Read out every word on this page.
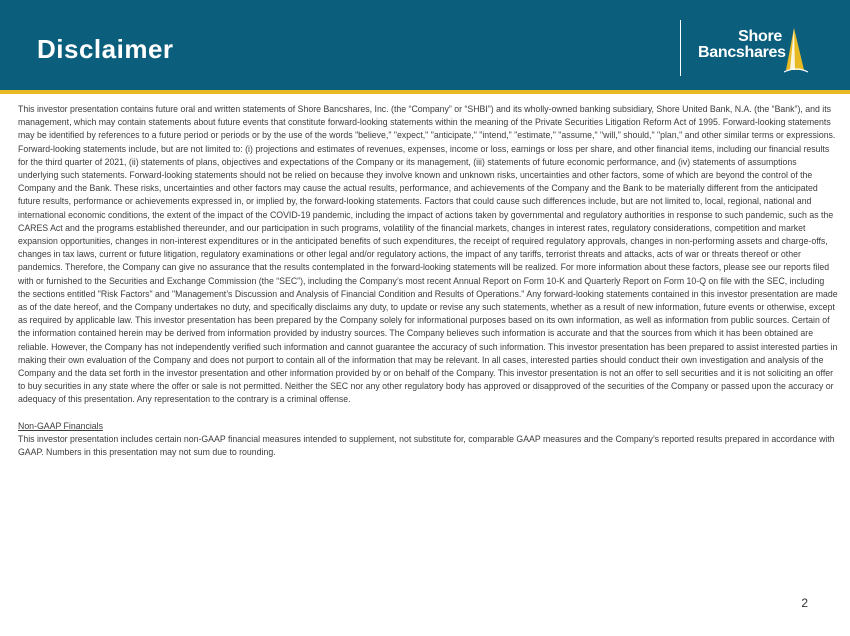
Disclaimer	Shore
Bancshares

This investor presentation contains future oral and written statements of Shore Bancshares, Inc. (the “Company” or “SHBI”) and its wholly-owned banking subsidiary, Shore United Bank, N.A. (the “Bank”), and its management, which may contain statements about future events that constitute forward-looking statements within the meaning of the Private Securities Litigation Reform Act of 1995. Forward-looking statements may be identified by references to a future period or periods or by the use of the words "believe," "expect," "anticipate," "intend," "estimate," "assume," "will," should," "plan," and other similar terms or expressions. Forward-looking statements include, but are not limited to: (i) projections and estimates of revenues, expenses, income or loss, earnings or loss per share, and other financial items, including our financial results for the third quarter of 2021, (ii) statements of plans, objectives and expectations of the Company or its management, (iii) statements of future economic performance, and (iv) statements of assumptions underlying such statements. Forward-looking statements should not be relied on because they involve known and unknown risks, uncertainties and other factors, some of which are beyond the control of the Company and the Bank. These risks, uncertainties and other factors may cause the actual results, performance, and achievements of the Company and the Bank to be materially different from the anticipated future results, performance or achievements expressed in, or implied by, the forward-looking statements. Factors that could cause such differences include, but are not limited to, local, regional, national and international economic conditions, the extent of the impact of the COVID-19 pandemic, including the impact of actions taken by governmental and regulatory authorities in response to such pandemic, such as the CARES Act and the programs established thereunder, and our participation in such programs, volatility of the financial markets, changes in interest rates, regulatory considerations, competition and market expansion opportunities, changes in non-interest expenditures or in the anticipated benefits of such expenditures, the receipt of required regulatory approvals, changes in non-performing assets and charge-offs, changes in tax laws, current or future litigation, regulatory examinations or other legal and/or regulatory actions, the impact of any tariffs, terrorist threats and attacks, acts of war or threats thereof or other pandemics. Therefore, the Company can give no assurance that the results contemplated in the forward-looking statements will be realized. For more information about these factors, please see our reports filed with or furnished to the Securities and Exchange Commission (the “SEC”), including the Company’s most recent Annual Report on Form 10-K and Quarterly Report on Form 10-Q on file with the SEC, including the sections entitled "Risk Factors" and "Management’s Discussion and Analysis of Financial Condition and Results of Operations." Any forward-looking statements contained in this investor presentation are made as of the date hereof, and the Company undertakes no duty, and specifically disclaims any duty, to update or revise any such statements, whether as a result of new information, future events or otherwise, except as required by applicable law. This investor presentation has been prepared by the Company solely for informational purposes based on its own information, as well as information from public sources. Certain of the information contained herein may be derived from information provided by industry sources. The Company believes such information is accurate and that the sources from which it has been obtained are reliable. However, the Company has not independently verified such information and cannot guarantee the accuracy of such information. This investor presentation has been prepared to assist interested parties in making their own evaluation of the Company and does not purport to contain all of the information that may be relevant. In all cases, interested parties should conduct their own investigation and analysis of the Company and the data set forth in the investor presentation and other information provided by or on behalf of the Company. This investor presentation is not an offer to sell securities and it is not soliciting an offer to buy securities in any state where the offer or sale is not permitted. Neither the SEC nor any other regulatory body has approved or disapproved of the securities of the Company or passed upon the accuracy or adequacy of this presentation. Any representation to the contrary is a criminal offense.

Non-GAAP Financials

This investor presentation includes certain non-GAAP financial measures intended to supplement, not substitute for, comparable GAAP measures and the Company’s reported results prepared in accordance with GAAP. Numbers in this presentation may not sum due to rounding.

2
